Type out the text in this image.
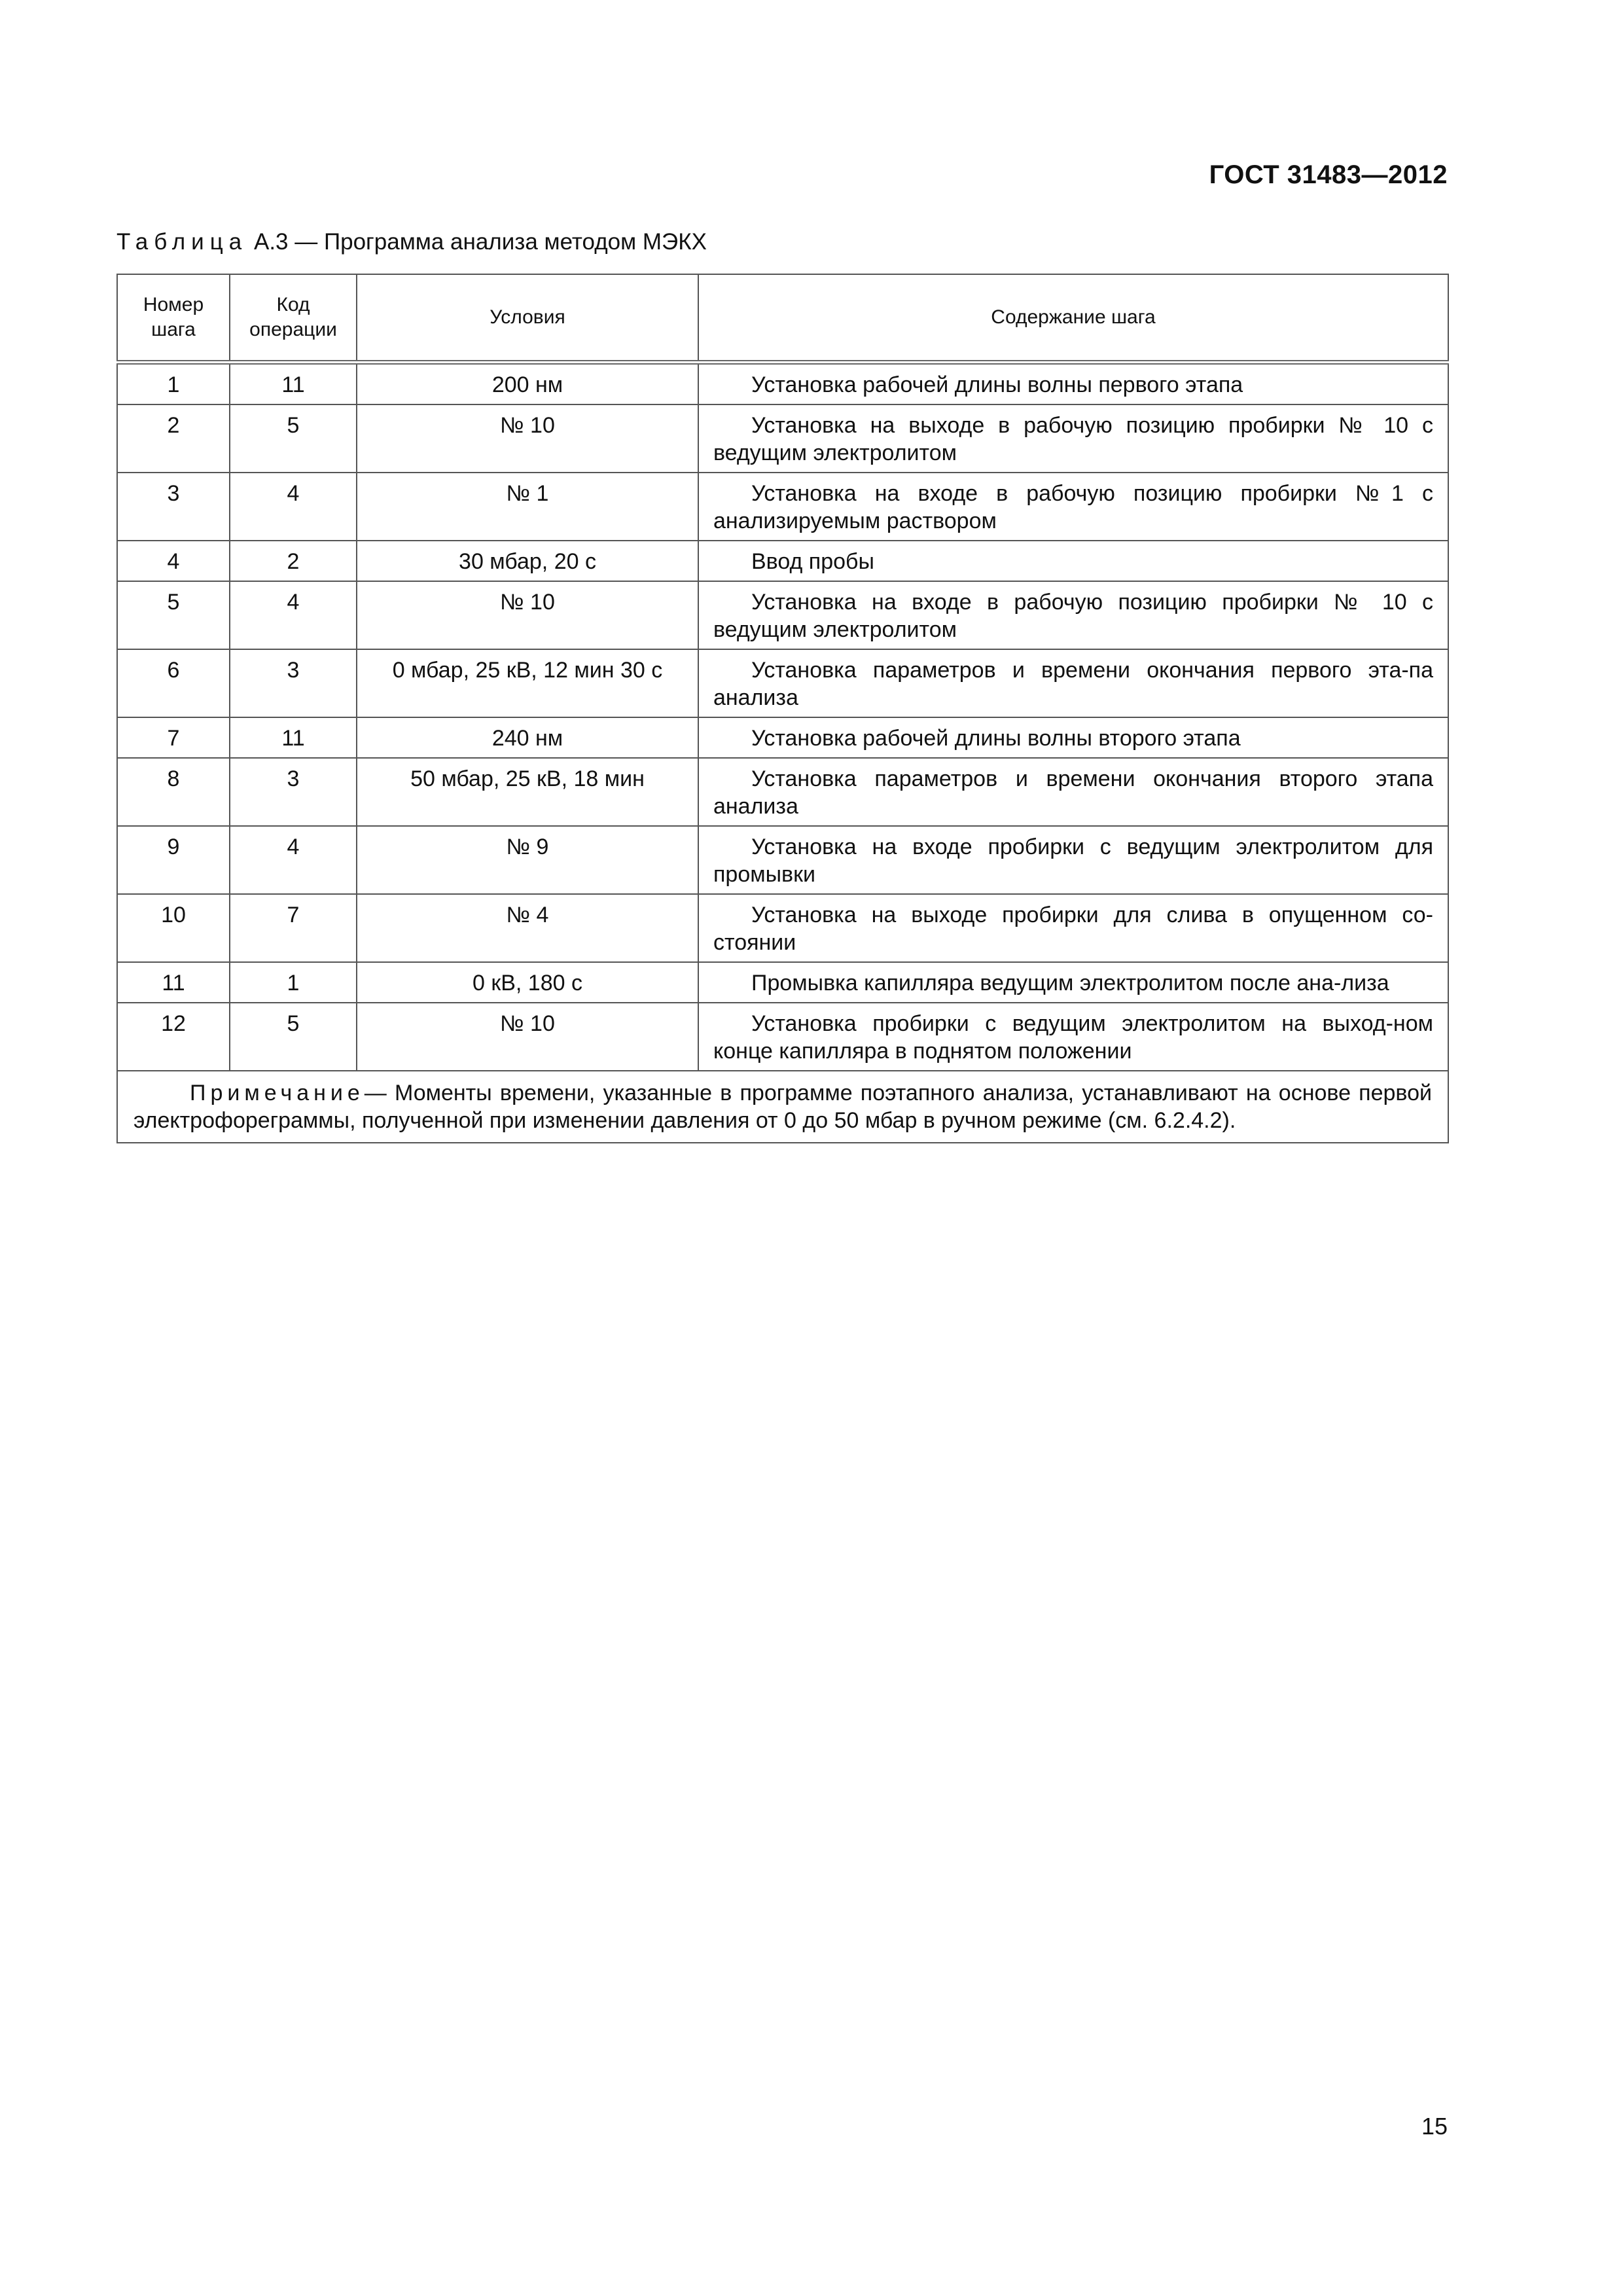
ГОСТ 31483—2012
Таблица А.3 — Программа анализа методом МЭКХ
Номер шага	Код операции	Условия	Содержание шага
1	11	200 нм	Установка рабочей длины волны первого этапа
2	5	№ 10	Установка на выходе в рабочую позицию пробирки № 10 с ведущим электролитом
3	4	№ 1	Установка на входе в рабочую позицию пробирки №1 с анализируемым раствором
4	2	30 мбар, 20 с	Ввод пробы
5	4	№ 10	Установка на входе в рабочую позицию пробирки № 10 с ведущим электролитом
6	3	0 мбар, 25 кВ, 12 мин 30 с	Установка параметров и времени окончания первого эта-па анализа
7	11	240 нм	Установка рабочей длины волны второго этапа
8	3	50 мбар, 25 кВ, 18 мин	Установка параметров и времени окончания второго этапа анализа
9	4	№ 9	Установка на входе пробирки с ведущим электролитом для промывки
10	7	№ 4	Установка на выходе пробирки для слива в опущенном со-стоянии
11	1	0 кВ, 180 с	Промывка капилляра ведущим электролитом после ана-лиза
12	5	№ 10	Установка пробирки с ведущим электролитом на выход-ном конце капилляра в поднятом положении
Примечание— Моменты времени, указанные в программе поэтапного анализа, устанавливают на основе первой электрофореграммы, полученной при изменении давления от 0 до 50 мбар в ручном режиме (см. 6.2.4.2).			
15
